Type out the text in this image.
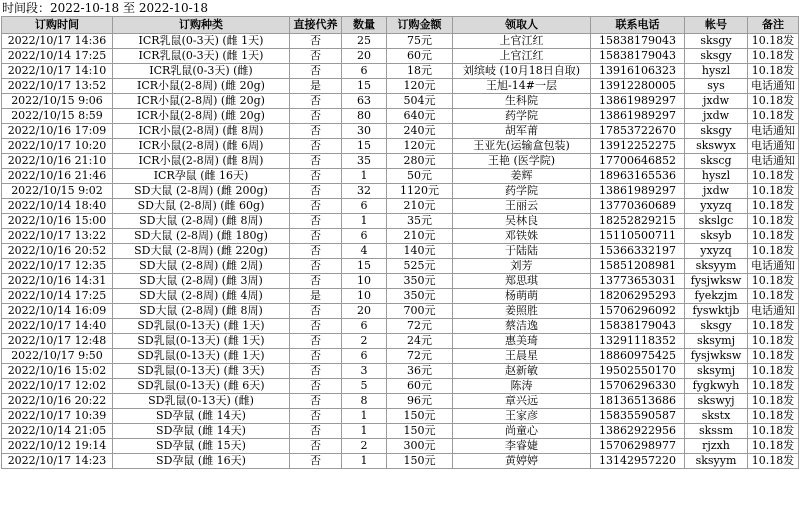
时间段：2022-10-18 至 2022-10-18
订购时间	订购种类	直接代养	数量	订购金额	领取人	联系电话	帐号	备注
2022/10/17 14:36	ICR乳鼠(0-3天) (雌 1天)	否	25	75元	上官江红	15838179043	sksgy	10.18发
2022/10/14 17:25	ICR乳鼠(0-3天) (雌 1天)	否	20	60元	上官江红	15838179043	sksgy	10.18发
2022/10/17 14:10	ICR乳鼠(0-3天) (雌)	否	6	18元	刘缤岐 (10月18日自取)	13916106323	hyszl	10.18发
2022/10/17 13:52	ICR小鼠(2-8周) (雌 20g)	是	15	120元	王旭-14#一层	13912280005	sys	电话通知
2022/10/15 9:06	ICR小鼠(2-8周) (雌 20g)	否	63	504元	生科院	13861989297	jxdw	10.18发
2022/10/15 8:59	ICR小鼠(2-8周) (雌 20g)	否	80	640元	药学院	13861989297	jxdw	10.18发
2022/10/16 17:09	ICR小鼠(2-8周) (雌 8周)	否	30	240元	胡军莆	17853722670	sksgy	电话通知
2022/10/17 10:20	ICR小鼠(2-8周) (雌 6周)	否	15	120元	王亚先(运输盒包装)	13912252275	skswyx	电话通知
2022/10/16 21:10	ICR小鼠(2-8周) (雌 8周)	否	35	280元	王艳 (医学院)	17700646852	skscg	电话通知
2022/10/16 21:46	ICR孕鼠 (雌 16天)	否	1	50元	姜辉	18963165536	hyszl	10.18发
2022/10/15 9:02	SD大鼠 (2-8周) (雌 200g)	否	32	1120元	药学院	13861989297	jxdw	10.18发
2022/10/14 18:40	SD大鼠 (2-8周) (雌 60g)	否	6	210元	王丽云	13770360689	yxyzq	10.18发
2022/10/16 15:00	SD大鼠 (2-8周) (雌 8周)	否	1	35元	吴林良	18252829215	skslgc	10.18发
2022/10/17 13:22	SD大鼠 (2-8周) (雌 180g)	否	6	210元	邓铁姝	15110500711	sksyb	10.18发
2022/10/16 20:52	SD大鼠 (2-8周) (雌 220g)	否	4	140元	于陆陆	15366332197	yxyzq	10.18发
2022/10/17 12:35	SD大鼠 (2-8周) (雌 2周)	否	15	525元	刘芳	15851208981	sksyym	电话通知
2022/10/16 14:31	SD大鼠 (2-8周) (雌 3周)	否	10	350元	郑思琪	13773653031	fysjwksw	10.18发
2022/10/14 17:25	SD大鼠 (2-8周) (雌 4周)	是	10	350元	杨萌萌	18206295293	fyekzjm	10.18发
2022/10/14 16:09	SD大鼠 (2-8周) (雌 8周)	否	20	700元	姜照胜	15706296092	fyswktjb	电话通知
2022/10/17 14:40	SD乳鼠(0-13天) (雌 1天)	否	6	72元	蔡洁逸	15838179043	sksgy	10.18发
2022/10/17 12:48	SD乳鼠(0-13天) (雌 1天)	否	2	24元	惠美琦	13291118352	sksymj	10.18发
2022/10/17 9:50	SD乳鼠(0-13天) (雌 1天)	否	6	72元	王晨星	18860975425	fysjwksw	10.18发
2022/10/16 15:02	SD乳鼠(0-13天) (雌 3天)	否	3	36元	赵新敏	19502550170	sksymj	10.18发
2022/10/17 12:02	SD乳鼠(0-13天) (雌 6天)	否	5	60元	陈涛	15706296330	fygkwyh	10.18发
2022/10/16 20:22	SD乳鼠(0-13天) (雌)	否	8	96元	章兴远	18136513686	skswyj	10.18发
2022/10/17 10:39	SD孕鼠 (雌 14天)	否	1	150元	王家彦	15835590587	skstx	10.18发
2022/10/14 21:05	SD孕鼠 (雌 14天)	否	1	150元	尚童心	13862922956	skssm	10.18发
2022/10/12 19:14	SD孕鼠 (雌 15天)	否	2	300元	李睿婕	15706298977	rjzxh	10.18发
2022/10/17 14:23	SD孕鼠 (雌 16天)	否	1	150元	黄婷婷	13142957220	sksyym	10.18发
